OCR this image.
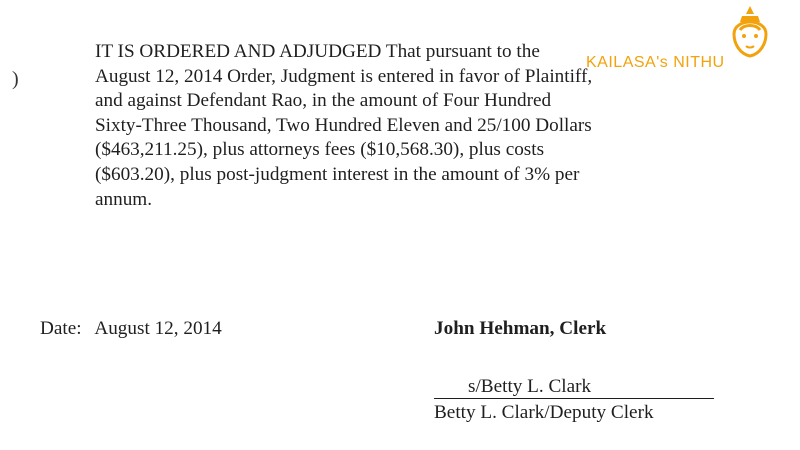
)
IT IS ORDERED AND ADJUDGED That pursuant to the
August 12, 2014 Order, Judgment is entered in favor of Plaintiff,
and against Defendant Rao, in the amount of Four Hundred
Sixty-Three Thousand, Two Hundred Eleven and 25/100 Dollars
($463,211.25), plus attorneys fees ($10,568.30), plus costs
($603.20), plus post-judgment interest in the amount of 3% per
annum.
Date: August 12, 2014	John Hehman, Clerk
s/Betty L. Clark
Betty L. Clark/Deputy Clerk
KAILASA's NITHU
